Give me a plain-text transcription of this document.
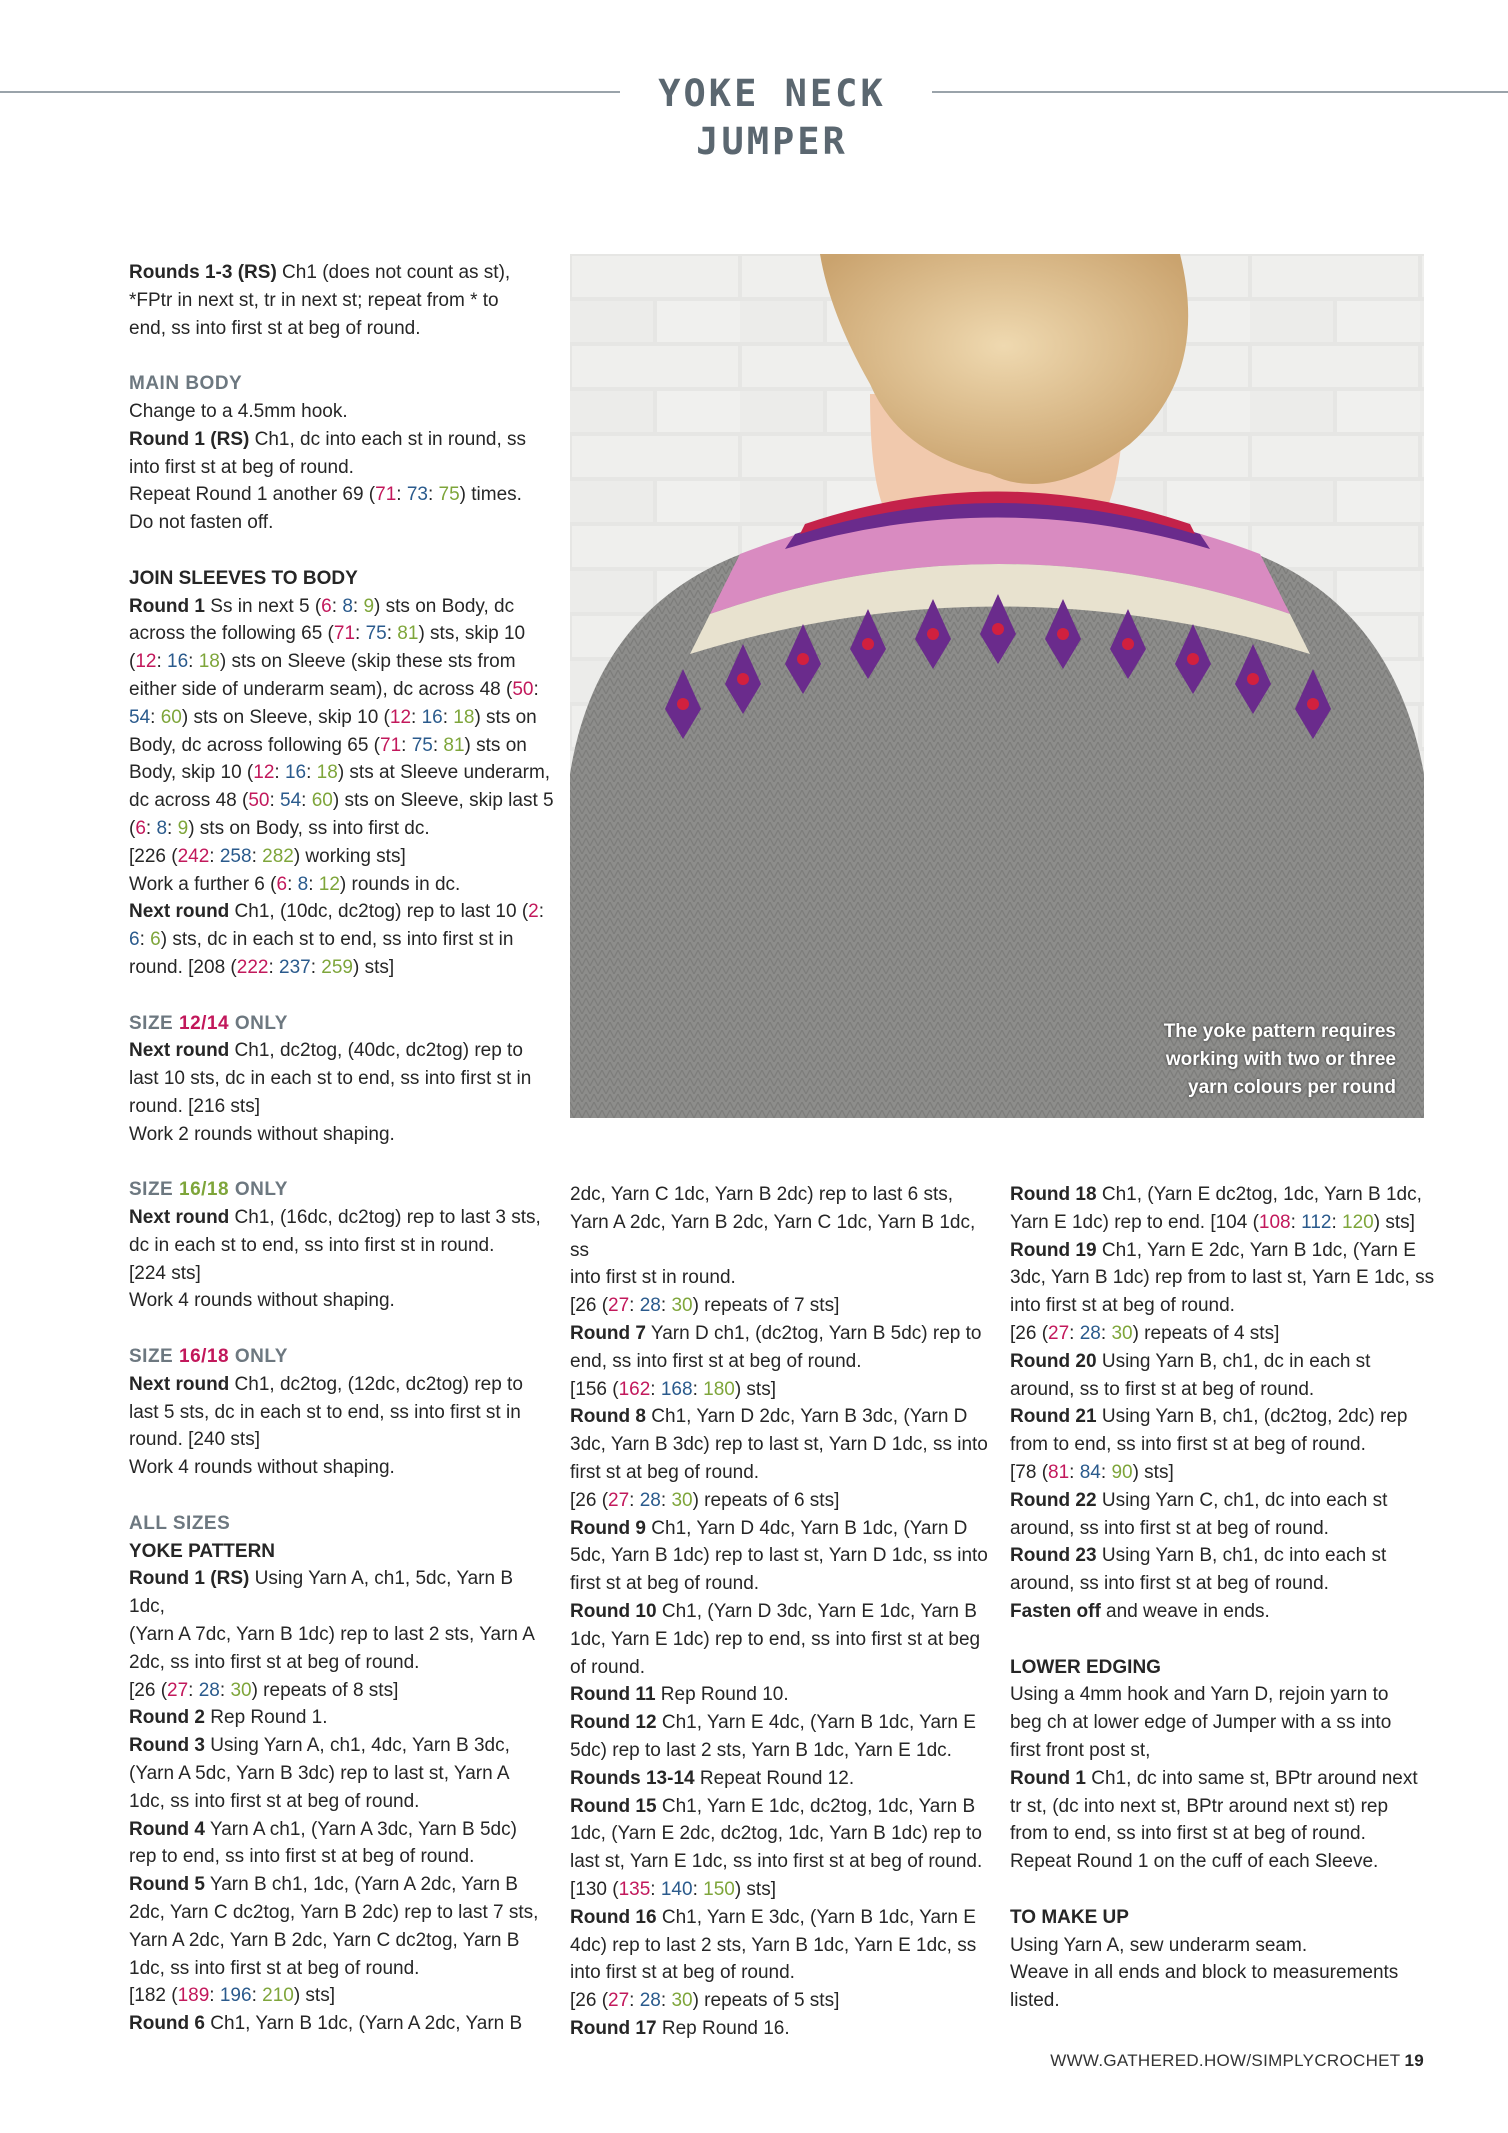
YOKE NECK JUMPER

Rounds 1-3 (RS) Ch1 (does not count as st),

*FPtr in next st, tr in next st; repeat from * to

end, ss into first st at beg of round.

MAIN BODY

Change to a 4.5mm hook.

Round 1 (RS) Ch1, dc into each st in round, ss

into first st at beg of round.

Repeat Round 1 another 69 (71: 73: 75) times.

Do not fasten off.

JOIN SLEEVES TO BODY

Round 1 Ss in next 5 (6: 8: 9) sts on Body, dc

across the following 65 (71: 75: 81) sts, skip 10

(12: 16: 18) sts on Sleeve (skip these sts from

either side of underarm seam), dc across 48 (50:

54: 60) sts on Sleeve, skip 10 (12: 16: 18) sts on

Body, dc across following 65 (71: 75: 81) sts on

Body, skip 10 (12: 16: 18) sts at Sleeve underarm,

dc across 48 (50: 54: 60) sts on Sleeve, skip last 5

(6: 8: 9) sts on Body, ss into first dc.

[226 (242: 258: 282) working sts]

Work a further 6 (6: 8: 12) rounds in dc.

Next round Ch1, (10dc, dc2tog) rep to last 10 (2:

6: 6) sts, dc in each st to end, ss into first st in

round. [208 (222: 237: 259) sts]

SIZE 12/14 ONLY

Next round Ch1, dc2tog, (40dc, dc2tog) rep to

last 10 sts, dc in each st to end, ss into first st in

round. [216 sts]

Work 2 rounds without shaping.

SIZE 16/18 ONLY

Next round Ch1, (16dc, dc2tog) rep to last 3 sts,

dc in each st to end, ss into first st in round.

[224 sts]

Work 4 rounds without shaping.

SIZE 16/18 ONLY

Next round Ch1, dc2tog, (12dc, dc2tog) rep to

last 5 sts, dc in each st to end, ss into first st in

round. [240 sts]

Work 4 rounds without shaping.

ALL SIZES

YOKE PATTERN

Round 1 (RS) Using Yarn A, ch1, 5dc, Yarn B 1dc,

(Yarn A 7dc, Yarn B 1dc) rep to last 2 sts, Yarn A

2dc, ss into first st at beg of round.

[26 (27: 28: 30) repeats of 8 sts]

Round 2 Rep Round 1.

Round 3 Using Yarn A, ch1, 4dc, Yarn B 3dc,

(Yarn A 5dc, Yarn B 3dc) rep to last st, Yarn A

1dc, ss into first st at beg of round.

Round 4 Yarn A ch1, (Yarn A 3dc, Yarn B 5dc)

rep to end, ss into first st at beg of round.

Round 5 Yarn B ch1, 1dc, (Yarn A 2dc, Yarn B

2dc, Yarn C dc2tog, Yarn B 2dc) rep to last 7 sts,

Yarn A 2dc, Yarn B 2dc, Yarn C dc2tog, Yarn B

1dc, ss into first st at beg of round.

[182 (189: 196: 210) sts]

Round 6 Ch1, Yarn B 1dc, (Yarn A 2dc, Yarn B

The yoke pattern requires
working with two or three
yarn colours per round

2dc, Yarn C 1dc, Yarn B 2dc) rep to last 6 sts,

Yarn A 2dc, Yarn B 2dc, Yarn C 1dc, Yarn B 1dc, ss

into first st in round.

[26 (27: 28: 30) repeats of 7 sts]

Round 7 Yarn D ch1, (dc2tog, Yarn B 5dc) rep to

end, ss into first st at beg of round.

[156 (162: 168: 180) sts]

Round 8 Ch1, Yarn D 2dc, Yarn B 3dc, (Yarn D

3dc, Yarn B 3dc) rep to last st, Yarn D 1dc, ss into

first st at beg of round.

[26 (27: 28: 30) repeats of 6 sts]

Round 9 Ch1, Yarn D 4dc, Yarn B 1dc, (Yarn D

5dc, Yarn B 1dc) rep to last st, Yarn D 1dc, ss into

first st at beg of round.

Round 10 Ch1, (Yarn D 3dc, Yarn E 1dc, Yarn B

1dc, Yarn E 1dc) rep to end, ss into first st at beg

of round.

Round 11 Rep Round 10.

Round 12 Ch1, Yarn E 4dc, (Yarn B 1dc, Yarn E

5dc) rep to last 2 sts, Yarn B 1dc, Yarn E 1dc.

Rounds 13-14 Repeat Round 12.

Round 15 Ch1, Yarn E 1dc, dc2tog, 1dc, Yarn B

1dc, (Yarn E 2dc, dc2tog, 1dc, Yarn B 1dc) rep to

last st, Yarn E 1dc, ss into first st at beg of round.

[130 (135: 140: 150) sts]

Round 16 Ch1, Yarn E 3dc, (Yarn B 1dc, Yarn E

4dc) rep to last 2 sts, Yarn B 1dc, Yarn E 1dc, ss

into first st at beg of round.

[26 (27: 28: 30) repeats of 5 sts]

Round 17 Rep Round 16.

Round 18 Ch1, (Yarn E dc2tog, 1dc, Yarn B 1dc,

Yarn E 1dc) rep to end. [104 (108: 112: 120) sts]

Round 19 Ch1, Yarn E 2dc, Yarn B 1dc, (Yarn E

3dc, Yarn B 1dc) rep from to last st, Yarn E 1dc, ss

into first st at beg of round.

[26 (27: 28: 30) repeats of 4 sts]

Round 20 Using Yarn B, ch1, dc in each st

around, ss to first st at beg of round.

Round 21 Using Yarn B, ch1, (dc2tog, 2dc) rep

from to end, ss into first st at beg of round.

[78 (81: 84: 90) sts]

Round 22 Using Yarn C, ch1, dc into each st

around, ss into first st at beg of round.

Round 23 Using Yarn B, ch1, dc into each st

around, ss into first st at beg of round.

Fasten off and weave in ends.

LOWER EDGING

Using a 4mm hook and Yarn D, rejoin yarn to

beg ch at lower edge of Jumper with a ss into

first front post st,

Round 1 Ch1, dc into same st, BPtr around next

tr st, (dc into next st, BPtr around next st) rep

from to end, ss into first st at beg of round.

Repeat Round 1 on the cuff of each Sleeve.

TO MAKE UP

Using Yarn A, sew underarm seam.

Weave in all ends and block to measurements

listed.

WWW.GATHERED.HOW/SIMPLYCROCHET 19
